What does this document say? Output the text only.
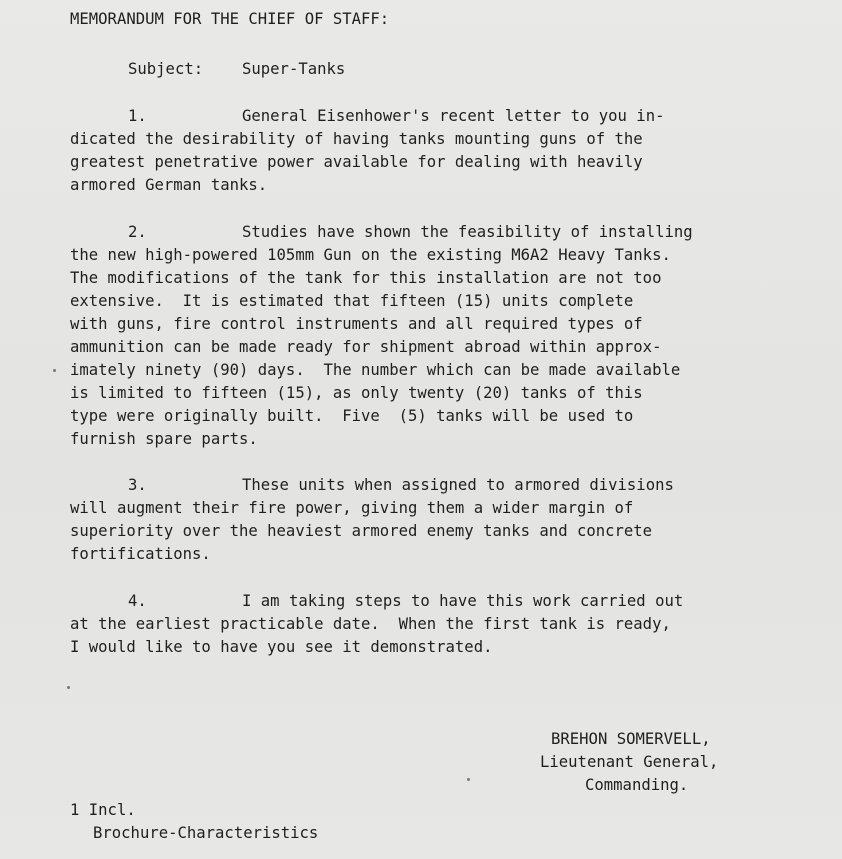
MEMORANDUM FOR THE CHIEF OF STAFF:
Subject: Super-Tanks
1.	General Eisenhower's recent letter to you in-
dicated the desirability of having tanks mounting guns of the
greatest penetrative power available for dealing with heavily
armored German tanks.
2.	Studies have shown the feasibility of installing
the new high-powered 105mm Gun on the existing M6A2 Heavy Tanks.
The modifications of the tank for this installation are not too
extensive.  It is estimated that fifteen (15) units complete
with guns, fire control instruments and all required types of
ammunition can be made ready for shipment abroad within approx-
imately ninety (90) days.  The number which can be made available
is limited to fifteen (15), as only twenty (20) tanks of this
type were originally built.  Five  (5) tanks will be used to
furnish spare parts.
3.	These units when assigned to armored divisions
will augment their fire power, giving them a wider margin of
superiority over the heaviest armored enemy tanks and concrete
fortifications.
4.	I am taking steps to have this work carried out
at the earliest practicable date.  When the first tank is ready,
I would like to have you see it demonstrated.
BREHON SOMERVELL,
Lieutenant General,
Commanding.
1 Incl.
Brochure-Characteristics
